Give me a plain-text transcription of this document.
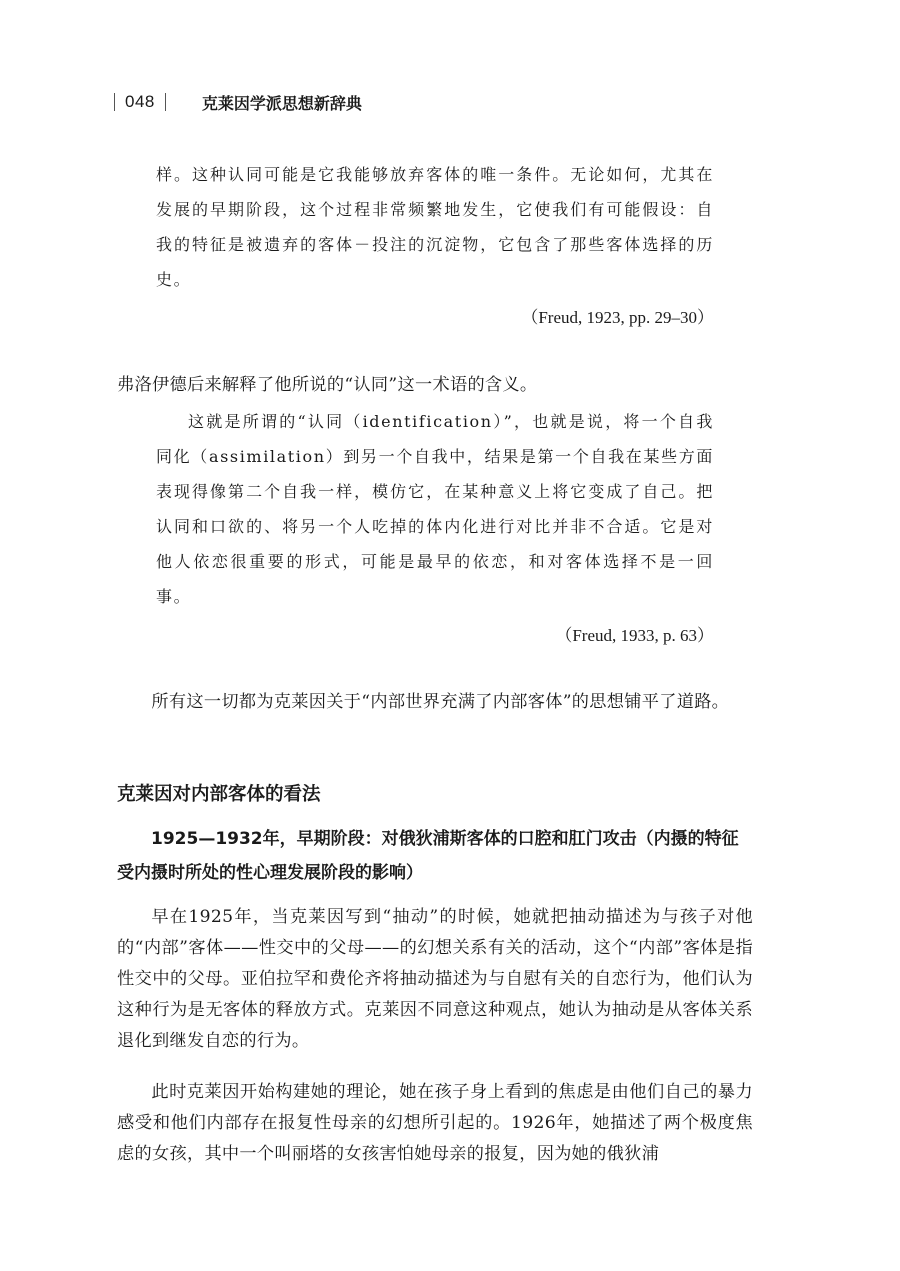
048	克莱因学派思想新辞典

样。这种认同可能是它我能够放弃客体的唯一条件。无论如何，尤其在发展的早期阶段，这个过程非常频繁地发生，它使我们有可能假设：自我的特征是被遗弃的客体－投注的沉淀物，它包含了那些客体选择的历史。

（Freud, 1923, pp. 29–30）

弗洛伊德后来解释了他所说的“认同”这一术语的含义。

这就是所谓的“认同（identification）”，也就是说，将一个自我同化（assimilation）到另一个自我中，结果是第一个自我在某些方面表现得像第二个自我一样，模仿它，在某种意义上将它变成了自己。把认同和口欲的、将另一个人吃掉的体内化进行对比并非不合适。它是对他人依恋很重要的形式，可能是最早的依恋，和对客体选择不是一回事。

（Freud, 1933, p. 63）

所有这一切都为克莱因关于“内部世界充满了内部客体”的思想铺平了道路。

克莱因对内部客体的看法

1925—1932年，早期阶段：对俄狄浦斯客体的口腔和肛门攻击（内摄的特征受内摄时所处的性心理发展阶段的影响）

早在1925年，当克莱因写到“抽动”的时候，她就把抽动描述为与孩子对他的“内部”客体——性交中的父母——的幻想关系有关的活动，这个“内部”客体是指性交中的父母。亚伯拉罕和费伦齐将抽动描述为与自慰有关的自恋行为，他们认为这种行为是无客体的释放方式。克莱因不同意这种观点，她认为抽动是从客体关系退化到继发自恋的行为。

此时克莱因开始构建她的理论，她在孩子身上看到的焦虑是由他们自己的暴力感受和他们内部存在报复性母亲的幻想所引起的。1926年，她描述了两个极度焦虑的女孩，其中一个叫丽塔的女孩害怕她母亲的报复，因为她的俄狄浦
